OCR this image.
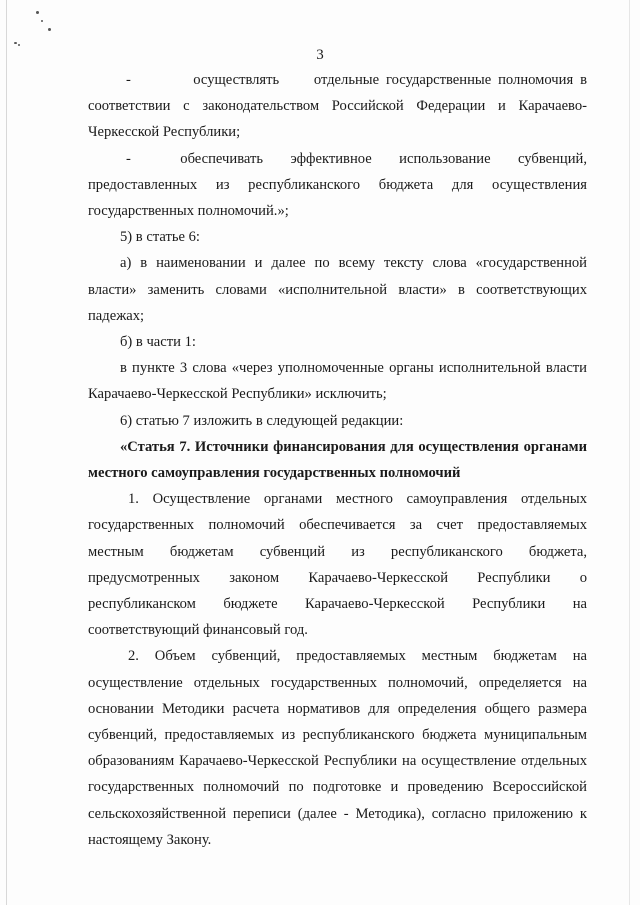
3

-         осуществлять     отдельные государственные полномочия в соответствии с законодательством Российской Федерации и Карачаево-Черкесской Республики;

-         обеспечивать     эффективное     использование     субвенций, предоставленных из республиканского бюджета для осуществления государственных полномочий.»;

5) в статье 6:

а) в наименовании и далее по всему тексту слова «государственной власти» заменить словами «исполнительной власти» в соответствующих падежах;

б) в части 1:

в пункте 3 слова «через уполномоченные органы исполнительной власти Карачаево-Черкесской Республики» исключить;

6) статью 7 изложить в следующей редакции:

«Статья 7. Источники финансирования для осуществления органами местного самоуправления государственных полномочий

1. Осуществление органами местного самоуправления отдельных государственных полномочий обеспечивается за счет предоставляемых местным бюджетам субвенций из республиканского бюджета, предусмотренных законом Карачаево-Черкесской Республики о республиканском бюджете Карачаево-Черкесской Республики на соответствующий финансовый год.

2. Объем субвенций, предоставляемых местным бюджетам на осуществление отдельных государственных полномочий, определяется на основании Методики расчета нормативов для определения общего размера субвенций, предоставляемых из республиканского бюджета муниципальным образованиям Карачаево-Черкесской Республики на осуществление отдельных государственных полномочий по подготовке и проведению Всероссийской сельскохозяйственной переписи (далее - Методика), согласно приложению к настоящему Закону.
